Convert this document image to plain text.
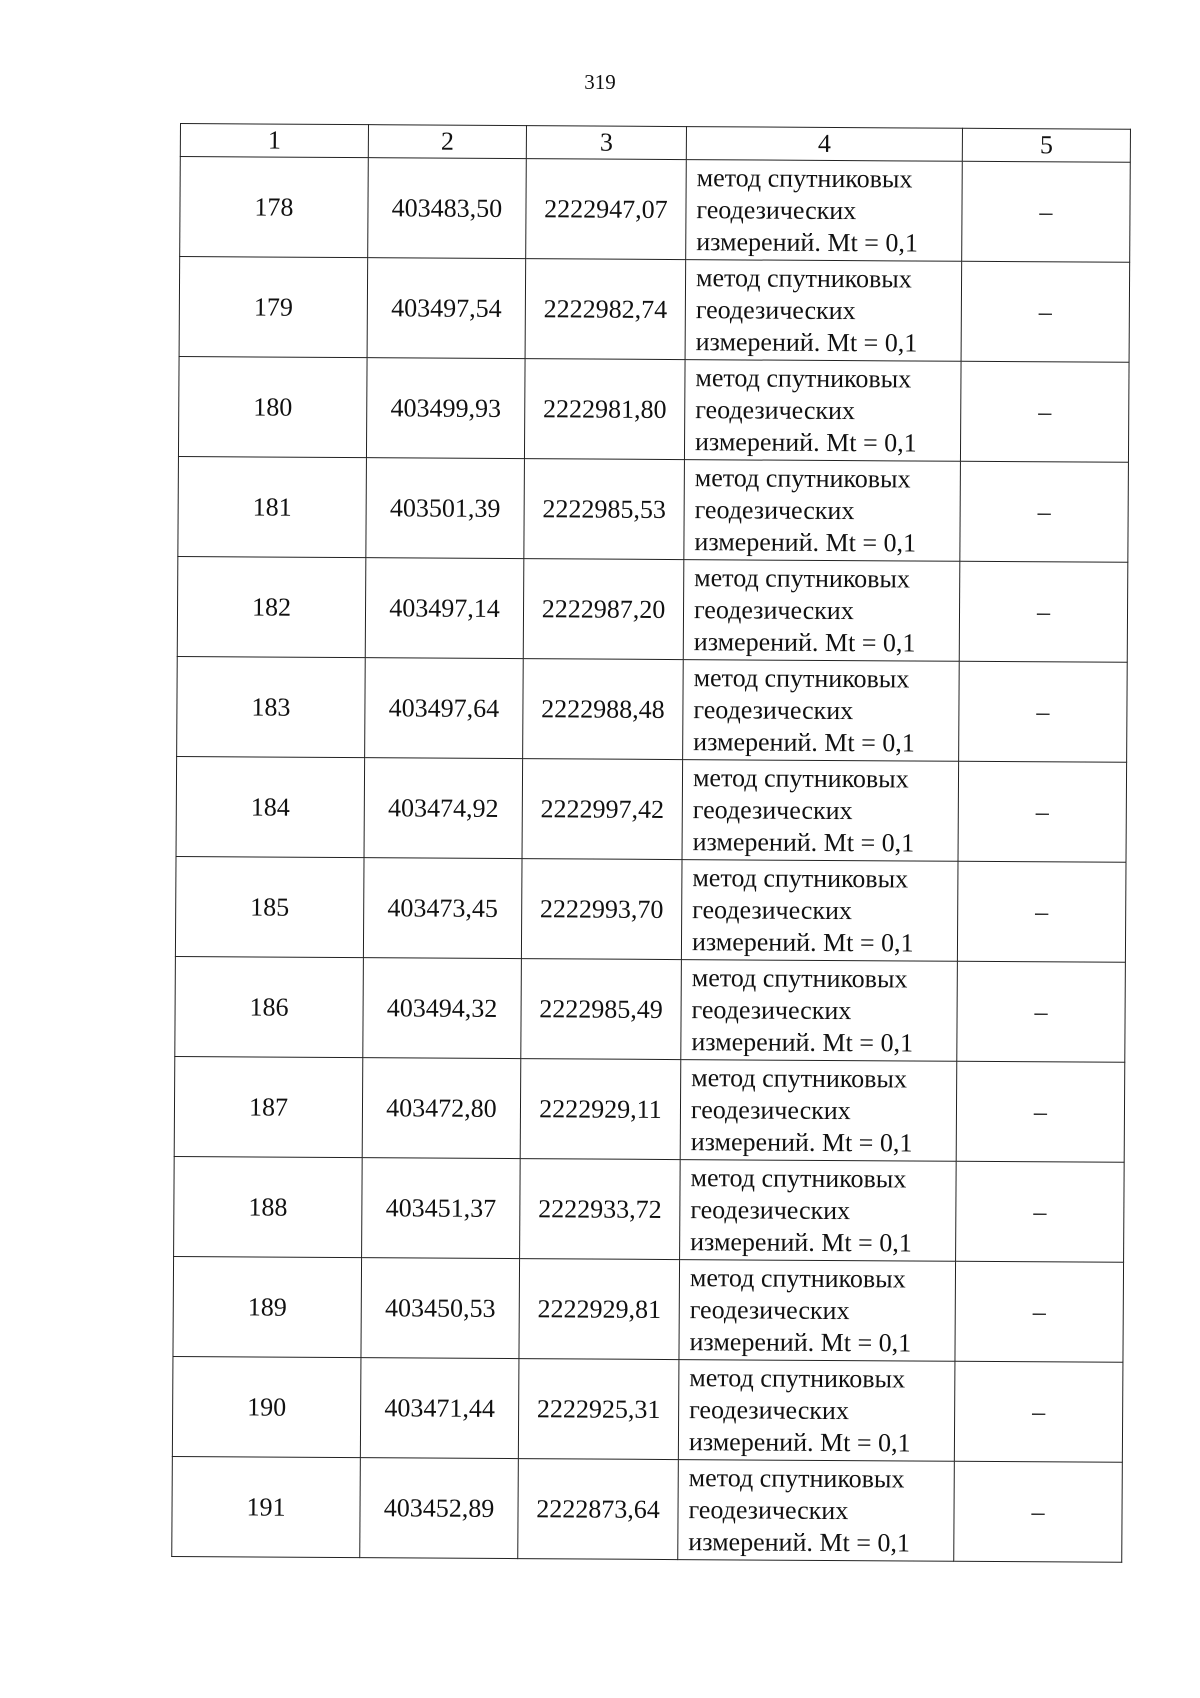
319
1	2	3	4	5
178	403483,50	2222947,07	метод спутниковых
геодезических
измерений. Mt = 0,1	–
179	403497,54	2222982,74	метод спутниковых
геодезических
измерений. Mt = 0,1	–
180	403499,93	2222981,80	метод спутниковых
геодезических
измерений. Mt = 0,1	–
181	403501,39	2222985,53	метод спутниковых
геодезических
измерений. Mt = 0,1	–
182	403497,14	2222987,20	метод спутниковых
геодезических
измерений. Mt = 0,1	–
183	403497,64	2222988,48	метод спутниковых
геодезических
измерений. Mt = 0,1	–
184	403474,92	2222997,42	метод спутниковых
геодезических
измерений. Mt = 0,1	–
185	403473,45	2222993,70	метод спутниковых
геодезических
измерений. Mt = 0,1	–
186	403494,32	2222985,49	метод спутниковых
геодезических
измерений. Mt = 0,1	–
187	403472,80	2222929,11	метод спутниковых
геодезических
измерений. Mt = 0,1	–
188	403451,37	2222933,72	метод спутниковых
геодезических
измерений. Mt = 0,1	–
189	403450,53	2222929,81	метод спутниковых
геодезических
измерений. Mt = 0,1	–
190	403471,44	2222925,31	метод спутниковых
геодезических
измерений. Mt = 0,1	–
191	403452,89	2222873,64	метод спутниковых
геодезических
измерений. Mt = 0,1	–
